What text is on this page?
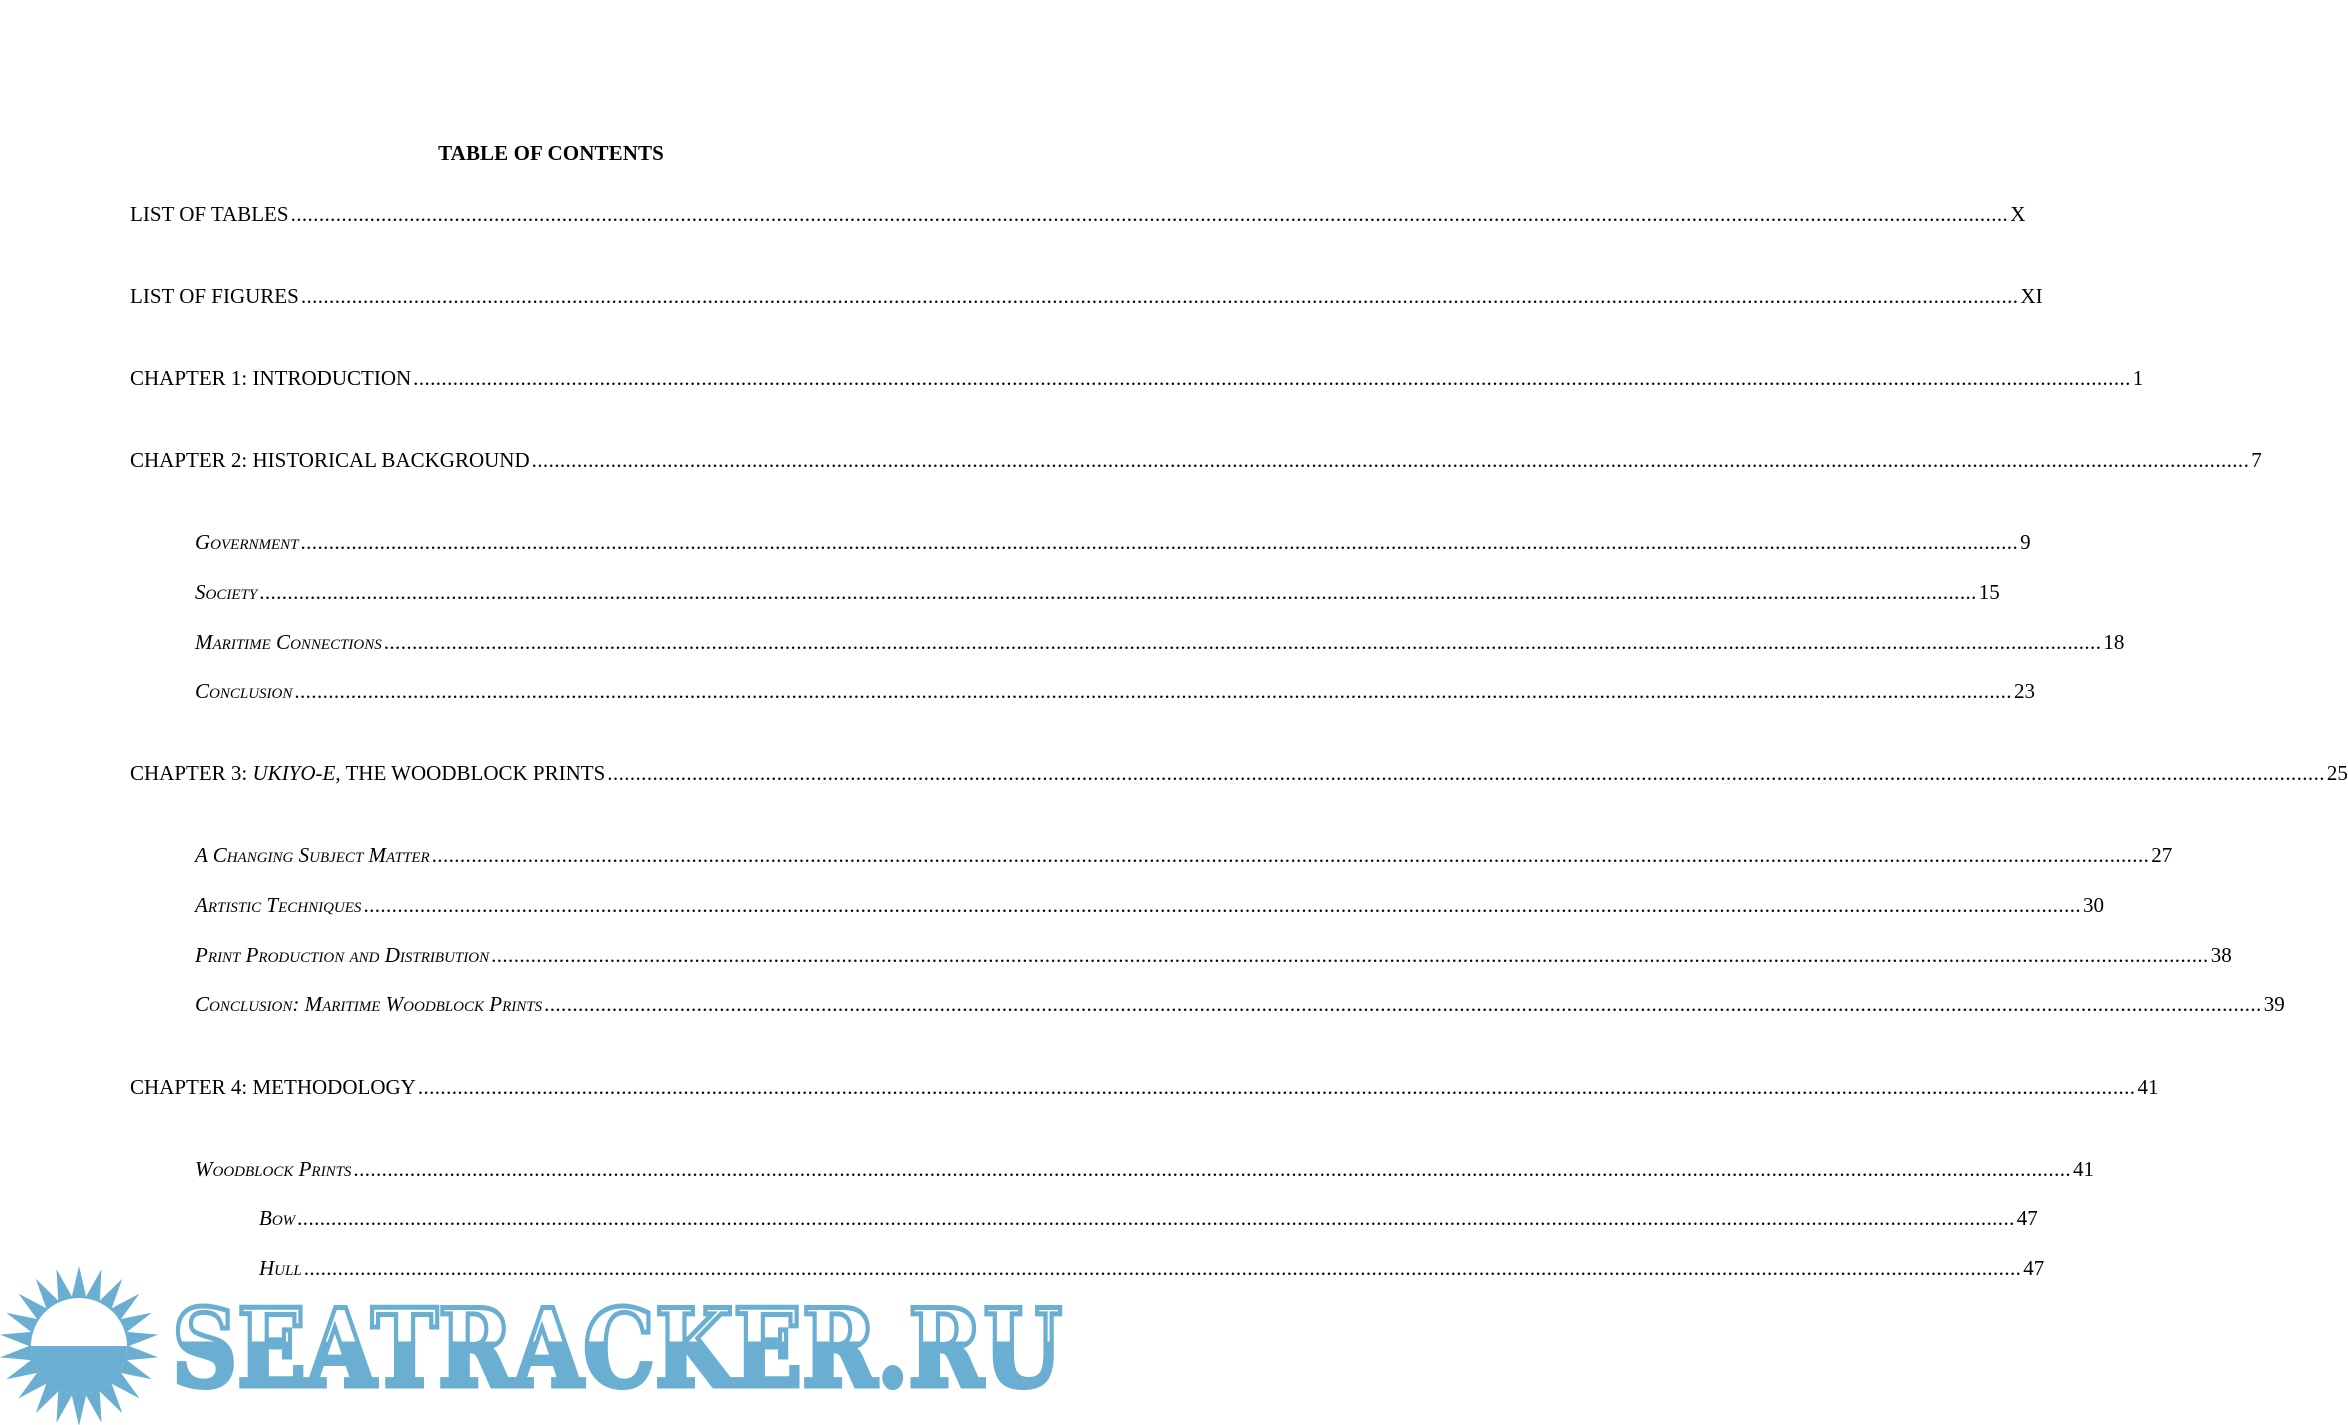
TABLE OF CONTENTS
LIST OF TABLES .....	X
LIST OF FIGURES .....	XI
CHAPTER 1: INTRODUCTION .....	1
CHAPTER 2: HISTORICAL BACKGROUND .....	7
Government .....	9
Society .....	15
Maritime Connections .....	18
Conclusion .....	23
CHAPTER 3: UKIYO-E, THE WOODBLOCK PRINTS .....	25
A Changing Subject Matter .....	27
Artistic Techniques .....	30
Print Production and Distribution .....	38
Conclusion: Maritime Woodblock Prints .....	39
CHAPTER 4: METHODOLOGY .....	41
Woodblock Prints .....	41
Bow .....	47
Hull .....	47
SEATRACKER.RU
